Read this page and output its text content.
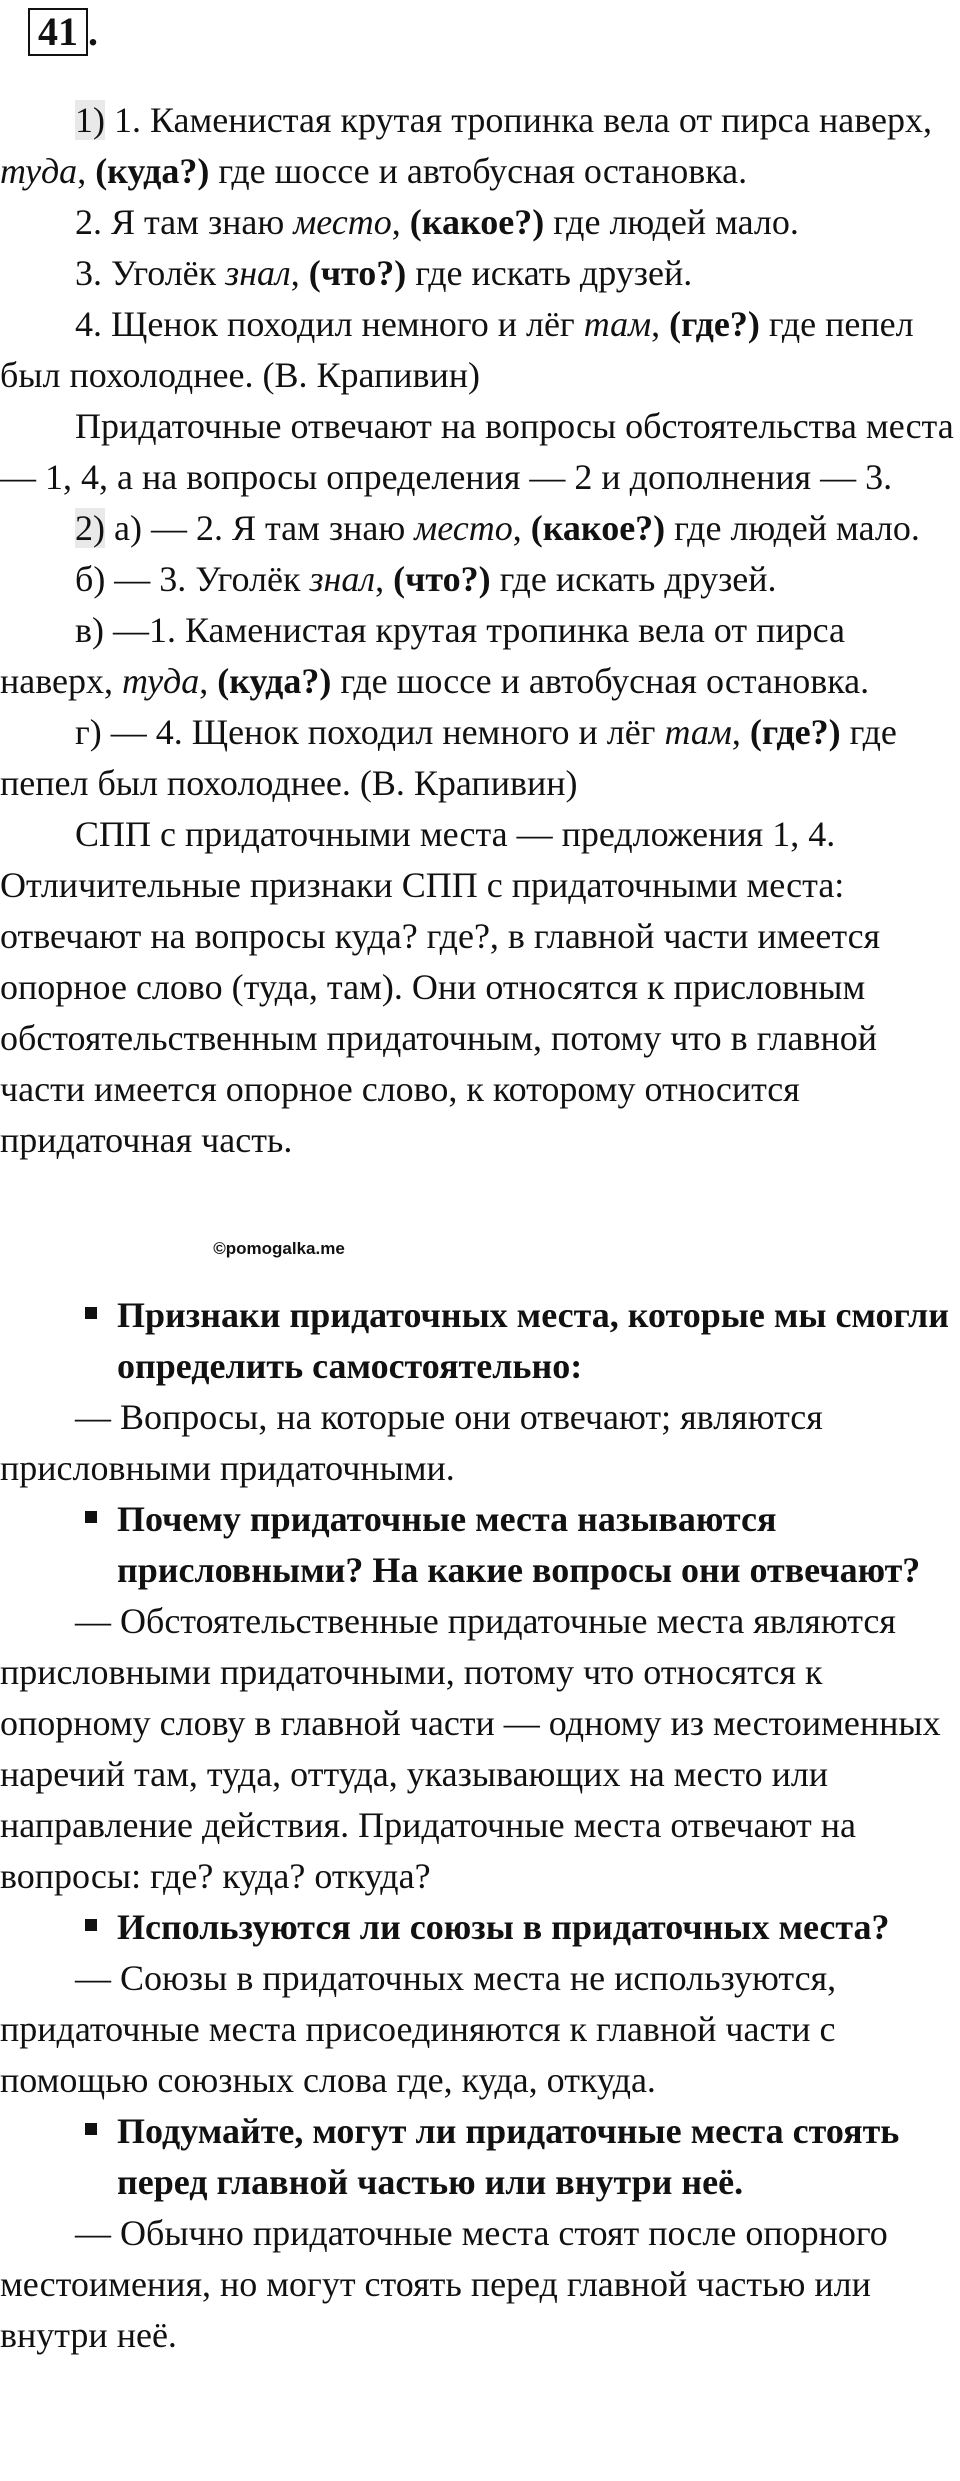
41 .

1) 1. Каменистая крутая тропинка вела от пирса наверх, туда, (куда?) где шоссе и автобусная остановка.

2. Я там знаю место, (какое?) где людей мало.

3. Уголёк знал, (что?) где искать друзей.

4. Щенок походил немного и лёг там, (где?) где пепел был похолоднее. (В. Крапивин)

Придаточные отвечают на вопросы обстоятельства места — 1, 4, а на вопросы определения — 2 и дополнения — 3.

2) а) — 2. Я там знаю место, (какое?) где людей мало.

б) — 3. Уголёк знал, (что?) где искать друзей.

в) —1. Каменистая крутая тропинка вела от пирса наверх, туда, (куда?) где шоссе и автобусная остановка.

г) — 4. Щенок походил немного и лёг там, (где?) где пепел был похолоднее. (В. Крапивин)

СПП с придаточными места — предложения 1, 4. Отличительные признаки СПП с придаточными места: отвечают на вопросы куда? где?, в главной части имеется опорное слово (туда, там). Они относятся к присловным обстоятельственным придаточным, потому что в главной части имеется опорное слово, к которому относится придаточная часть.

©pomogalka.me

Признаки придаточных места, которые мы смогли определить самостоятельно:

— Вопросы, на которые они отвечают; являются присловными придаточными.

Почему придаточные места называются присловными? На какие вопросы они отвечают?

— Обстоятельственные придаточные места являются присловными придаточными, потому что относятся к опорному слову в главной части — одному из местоименных наречий там, туда, оттуда, указывающих на место или направление действия. Придаточные места отвечают на вопросы: где? куда? откуда?

Используются ли союзы в придаточных места?

— Союзы в придаточных места не используются, придаточные места присоединяются к главной части с помощью союзных слова где, куда, откуда.

Подумайте, могут ли придаточные места стоять перед главной частью или внутри неё.

— Обычно придаточные места стоят после опорного местоимения, но могут стоять перед главной частью или внутри неё.
